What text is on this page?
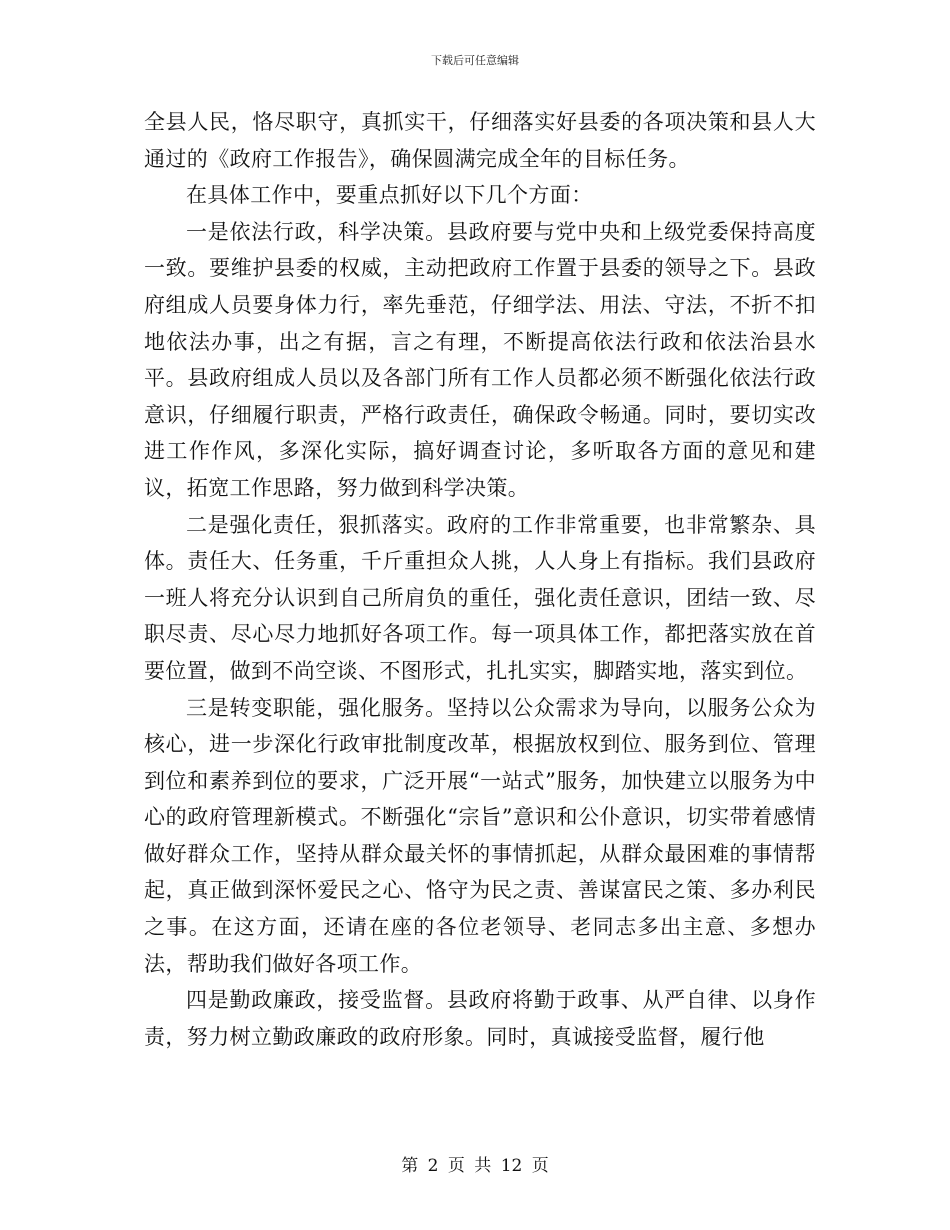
下载后可任意编辑

全县人民，恪尽职守，真抓实干，仔细落实好县委的各项决策和县人大通过的《政府工作报告》，确保圆满完成全年的目标任务。

在具体工作中，要重点抓好以下几个方面：

一是依法行政，科学决策。县政府要与党中央和上级党委保持高度一致。要维护县委的权威，主动把政府工作置于县委的领导之下。县政府组成人员要身体力行，率先垂范，仔细学法、用法、守法，不折不扣地依法办事，出之有据，言之有理，不断提高依法行政和依法治县水平。县政府组成人员以及各部门所有工作人员都必须不断强化依法行政意识，仔细履行职责，严格行政责任，确保政令畅通。同时，要切实改进工作作风，多深化实际，搞好调查讨论，多听取各方面的意见和建议，拓宽工作思路，努力做到科学决策。

二是强化责任，狠抓落实。政府的工作非常重要，也非常繁杂、具体。责任大、任务重，千斤重担众人挑，人人身上有指标。我们县政府一班人将充分认识到自己所肩负的重任，强化责任意识，团结一致、尽职尽责、尽心尽力地抓好各项工作。每一项具体工作，都把落实放在首要位置，做到不尚空谈、不图形式，扎扎实实，脚踏实地，落实到位。

三是转变职能，强化服务。坚持以公众需求为导向，以服务公众为核心，进一步深化行政审批制度改革，根据放权到位、服务到位、管理到位和素养到位的要求，广泛开展“一站式”服务，加快建立以服务为中心的政府管理新模式。不断强化“宗旨”意识和公仆意识，切实带着感情做好群众工作，坚持从群众最关怀的事情抓起，从群众最困难的事情帮起，真正做到深怀爱民之心、恪守为民之责、善谋富民之策、多办利民之事。在这方面，还请在座的各位老领导、老同志多出主意、多想办法，帮助我们做好各项工作。

四是勤政廉政，接受监督。县政府将勤于政事、从严自律、以身作责，努力树立勤政廉政的政府形象。同时，真诚接受监督，履行他

第 2 页 共 12 页
